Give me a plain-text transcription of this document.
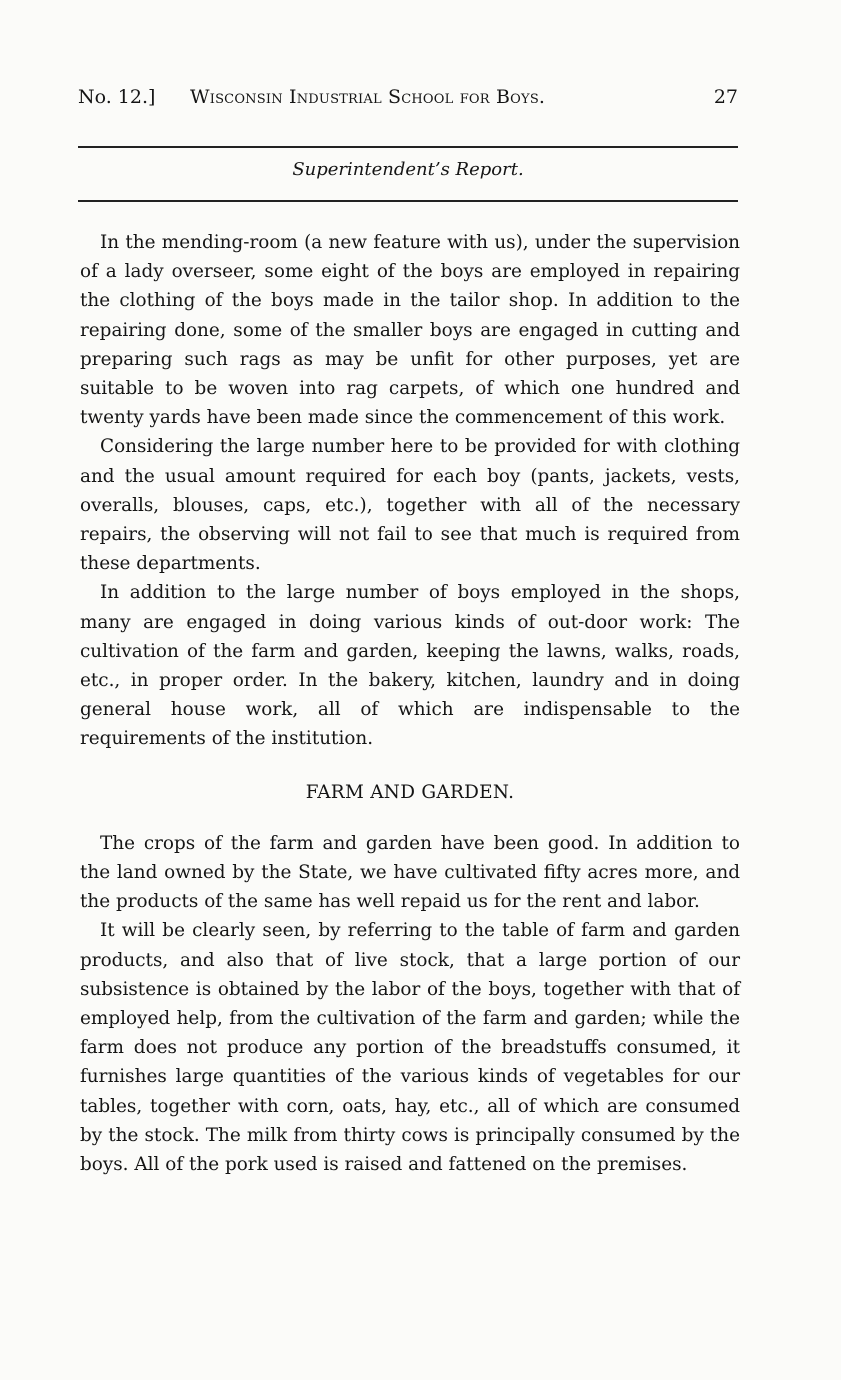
No. 12.] Wisconsin Industrial School for Boys.	27
Superintendent’s Report.

In the mending-room (a new feature with us), under the supervision of a lady overseer, some eight of the boys are employed in repairing the clothing of the boys made in the tailor shop. In addition to the repairing done, some of the smaller boys are engaged in cutting and preparing such rags as may be unfit for other purposes, yet are suitable to be woven into rag carpets, of which one hundred and twenty yards have been made since the commencement of this work.

Considering the large number here to be provided for with clothing and the usual amount required for each boy (pants, jackets, vests, overalls, blouses, caps, etc.), together with all of the necessary repairs, the observing will not fail to see that much is required from these departments.

In addition to the large number of boys employed in the shops, many are engaged in doing various kinds of out-door work: The cultivation of the farm and garden, keeping the lawns, walks, roads, etc., in proper order. In the bakery, kitchen, laundry and in doing general house work, all of which are indispensable to the requirements of the institution.

FARM AND GARDEN.

The crops of the farm and garden have been good. In addition to the land owned by the State, we have cultivated fifty acres more, and the products of the same has well repaid us for the rent and labor.

It will be clearly seen, by referring to the table of farm and garden products, and also that of live stock, that a large portion of our subsistence is obtained by the labor of the boys, together with that of employed help, from the cultivation of the farm and garden; while the farm does not produce any portion of the breadstuffs consumed, it furnishes large quantities of the various kinds of vegetables for our tables, together with corn, oats, hay, etc., all of which are consumed by the stock. The milk from thirty cows is principally consumed by the boys. All of the pork used is raised and fattened on the premises.
